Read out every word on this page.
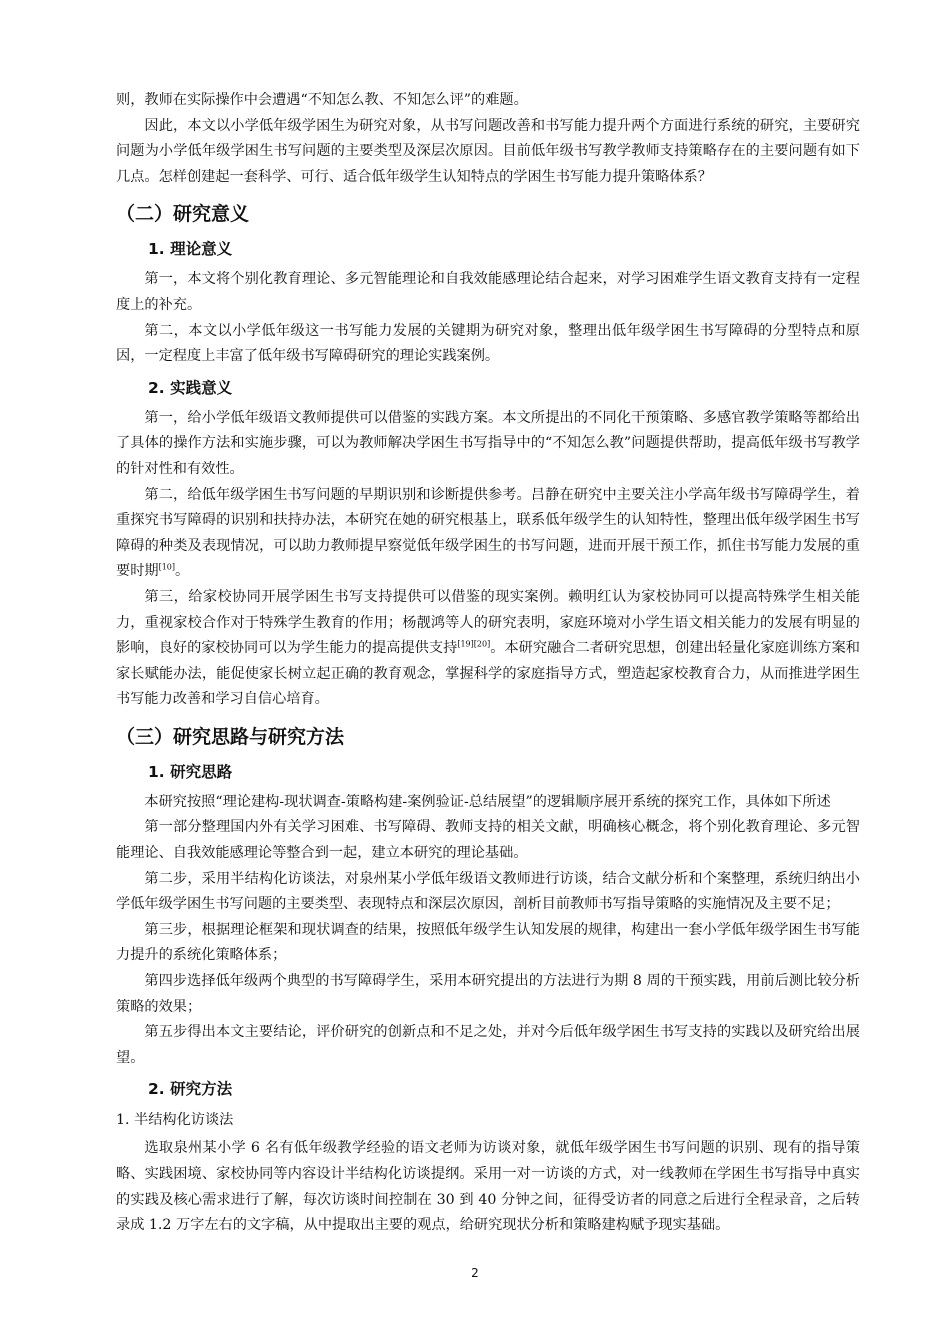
则，教师在实际操作中会遭遇“不知怎么教、不知怎么评”的难题。

因此，本文以小学低年级学困生为研究对象，从书写问题改善和书写能力提升两个方面进行系统的研究，主要研究问题为小学低年级学困生书写问题的主要类型及深层次原因。目前低年级书写教学教师支持策略存在的主要问题有如下几点。怎样创建起一套科学、可行、适合低年级学生认知特点的学困生书写能力提升策略体系？

（二）研究意义
1. 理论意义

第一，本文将个别化教育理论、多元智能理论和自我效能感理论结合起来，对学习困难学生语文教育支持有一定程度上的补充。

第二，本文以小学低年级这一书写能力发展的关键期为研究对象，整理出低年级学困生书写障碍的分型特点和原因，一定程度上丰富了低年级书写障碍研究的理论实践案例。

2. 实践意义

第一，给小学低年级语文教师提供可以借鉴的实践方案。本文所提出的不同化干预策略、多感官教学策略等都给出了具体的操作方法和实施步骤，可以为教师解决学困生书写指导中的“不知怎么教”问题提供帮助，提高低年级书写教学的针对性和有效性。

第二，给低年级学困生书写问题的早期识别和诊断提供参考。吕静在研究中主要关注小学高年级书写障碍学生，着重探究书写障碍的识别和扶持办法，本研究在她的研究根基上，联系低年级学生的认知特性，整理出低年级学困生书写障碍的种类及表现情况，可以助力教师提早察觉低年级学困生的书写问题，进而开展干预工作，抓住书写能力发展的重要时期[10]。

第三，给家校协同开展学困生书写支持提供可以借鉴的现实案例。赖明红认为家校协同可以提高特殊学生相关能力，重视家校合作对于特殊学生教育的作用；杨靓鸿等人的研究表明，家庭环境对小学生语文相关能力的发展有明显的影响，良好的家校协同可以为学生能力的提高提供支持[19][20]。本研究融合二者研究思想，创建出轻量化家庭训练方案和家长赋能办法，能促使家长树立起正确的教育观念，掌握科学的家庭指导方式，塑造起家校教育合力，从而推进学困生书写能力改善和学习自信心培育。

（三）研究思路与研究方法
1. 研究思路

本研究按照“理论建构-现状调查-策略构建-案例验证-总结展望”的逻辑顺序展开系统的探究工作，具体如下所述

第一部分整理国内外有关学习困难、书写障碍、教师支持的相关文献，明确核心概念，将个别化教育理论、多元智能理论、自我效能感理论等整合到一起，建立本研究的理论基础。

第二步，采用半结构化访谈法，对泉州某小学低年级语文教师进行访谈，结合文献分析和个案整理，系统归纳出小学低年级学困生书写问题的主要类型、表现特点和深层次原因，剖析目前教师书写指导策略的实施情况及主要不足；

第三步，根据理论框架和现状调查的结果，按照低年级学生认知发展的规律，构建出一套小学低年级学困生书写能力提升的系统化策略体系；

第四步选择低年级两个典型的书写障碍学生，采用本研究提出的方法进行为期 8 周的干预实践，用前后测比较分析策略的效果；

第五步得出本文主要结论，评价研究的创新点和不足之处，并对今后低年级学困生书写支持的实践以及研究给出展望。

2. 研究方法
1. 半结构化访谈法

选取泉州某小学 6 名有低年级教学经验的语文老师为访谈对象，就低年级学困生书写问题的识别、现有的指导策略、实践困境、家校协同等内容设计半结构化访谈提纲。采用一对一访谈的方式，对一线教师在学困生书写指导中真实的实践及核心需求进行了解，每次访谈时间控制在 30 到 40 分钟之间，征得受访者的同意之后进行全程录音，之后转录成 1.2 万字左右的文字稿，从中提取出主要的观点，给研究现状分析和策略建构赋予现实基础。

2
